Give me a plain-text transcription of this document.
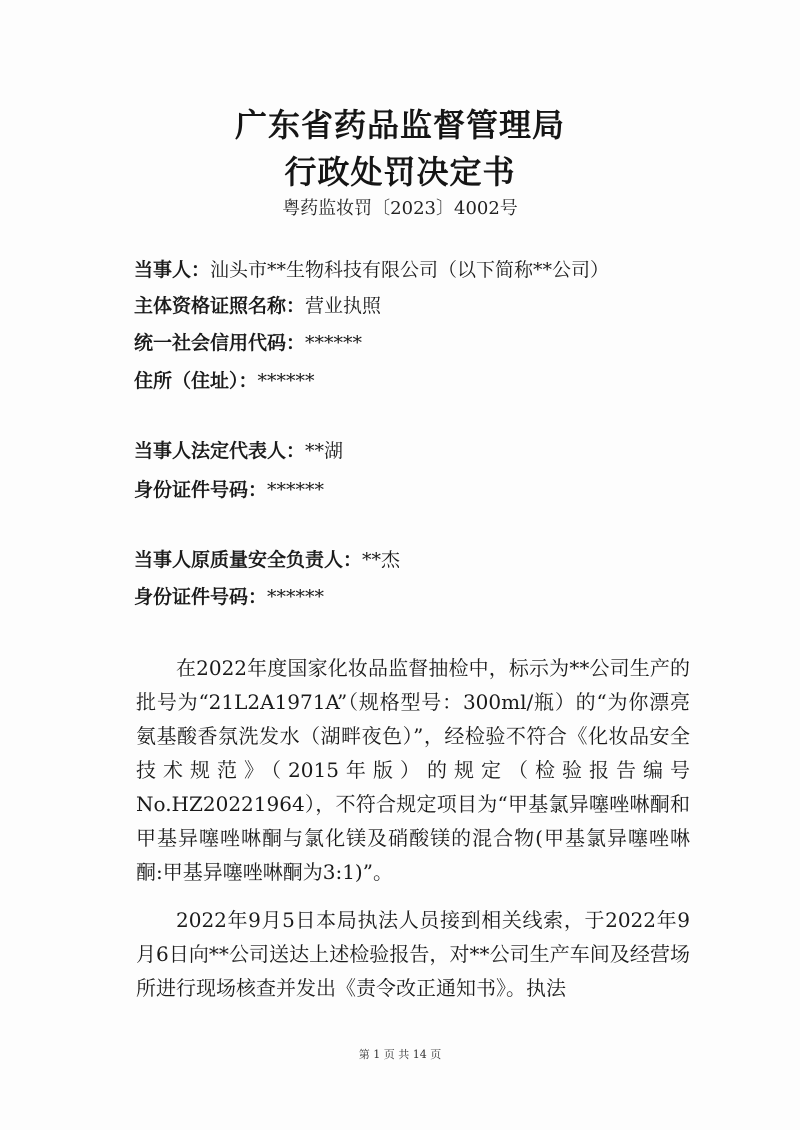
广东省药品监督管理局
行政处罚决定书
粤药监妆罚〔2023〕4002号
当事人：汕头市**生物科技有限公司（以下简称**公司）
主体资格证照名称：营业执照
统一社会信用代码：******
住所（住址）：******
当事人法定代表人：**湖
身份证件号码：******
当事人原质量安全负责人：**杰
身份证件号码：******

在2022年度国家化妆品监督抽检中，标示为**公司生产的批号为“21L2A1971A”（规格型号：300ml/瓶）的“为你漂亮氨基酸香氛洗发水（湖畔夜色）”，经检验不符合《化妆品安全技术规范》（2015年版）的规定（检验报告编号No.HZ20221964），不符合规定项目为“甲基氯异噻唑啉酮和甲基异噻唑啉酮与氯化镁及硝酸镁的混合物(甲基氯异噻唑啉酮:甲基异噻唑啉酮为3:1)”。

2022年9月5日本局执法人员接到相关线索，于2022年9月6日向**公司送达上述检验报告，对**公司生产车间及经营场所进行现场核查并发出《责令改正通知书》。执法

第 1 页 共 14 页
